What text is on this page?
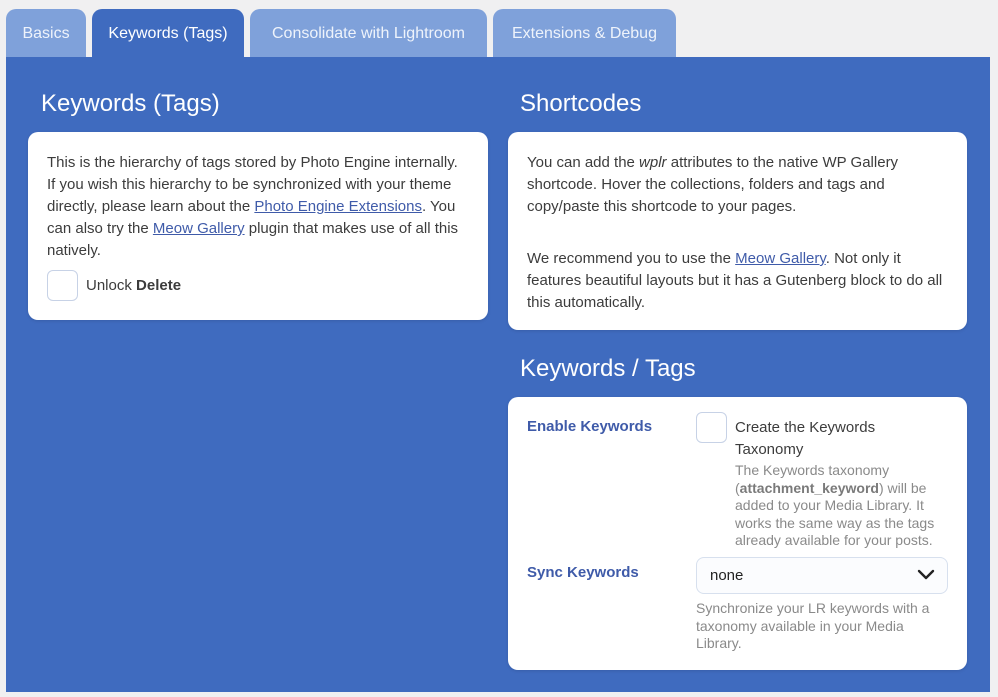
Basics	Keywords (Tags)	Consolidate with Lightroom	Extensions & Debug
Keywords (Tags)

This is the hierarchy of tags stored by Photo Engine internally. If you wish this hierarchy to be synchronized with your theme directly, please learn about the Photo Engine Extensions. You can also try the Meow Gallery plugin that makes use of all this natively.

Unlock Delete
Shortcodes

You can add the wplr attributes to the native WP Gallery shortcode. Hover the collections, folders and tags and copy/paste this shortcode to your pages.

We recommend you to use the Meow Gallery. Not only it features beautiful layouts but it has a Gutenberg block to do all this automatically.

Keywords / Tags
Enable Keywords	Create the Keywords Taxonomy
The Keywords taxonomy (attachment_keyword) will be added to your Media Library. It works the same way as the tags already available for your posts.
Sync Keywords	none
Synchronize your LR keywords with a taxonomy available in your Media Library.
